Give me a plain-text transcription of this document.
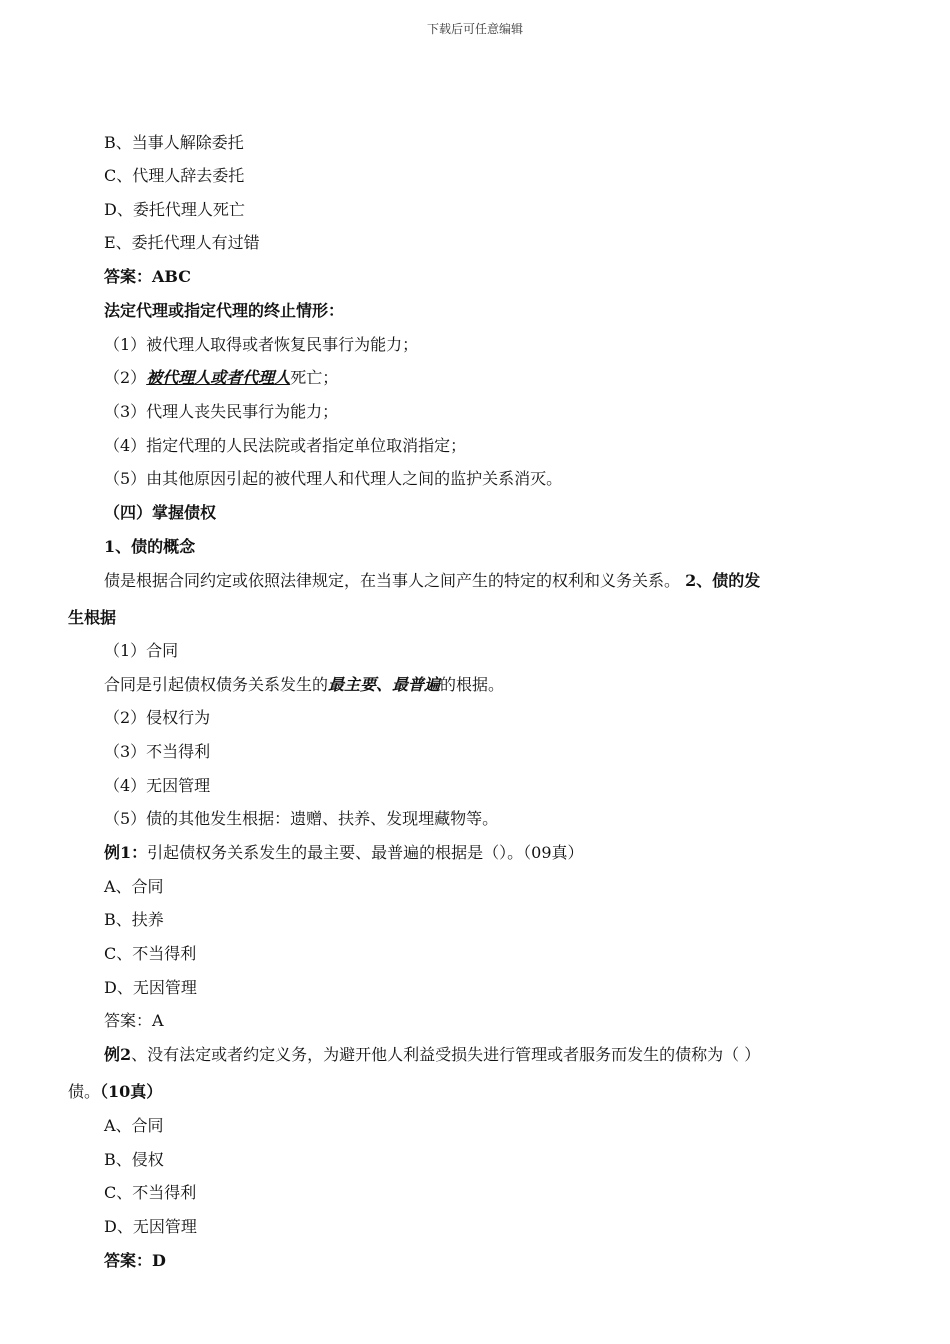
下载后可任意编辑
B、当事人解除委托
C、代理人辞去委托
D、委托代理人死亡
E、委托代理人有过错
答案：ABC
法定代理或指定代理的终止情形：
（1）被代理人取得或者恢复民事行为能力；
（2）被代理人或者代理人死亡；
（3）代理人丧失民事行为能力；
（4）指定代理的人民法院或者指定单位取消指定；
（5）由其他原因引起的被代理人和代理人之间的监护关系消灭。
（四）掌握债权
1、债的概念
债是根据合同约定或依照法律规定，在当事人之间产生的特定的权利和义务关系。 2、债的发
生根据
（1）合同
合同是引起债权债务关系发生的最主要、最普遍的根据。
（2）侵权行为
（3）不当得利
（4）无因管理
（5）债的其他发生根据：遗赠、扶养、发现埋藏物等。
例1：引起债权务关系发生的最主要、最普遍的根据是（）。（09真）
A、合同
B、扶养
C、不当得利
D、无因管理
答案：A
例2、没有法定或者约定义务，为避开他人利益受损失进行管理或者服务而发生的债称为（ ）
债。（10真）
A、合同
B、侵权
C、不当得利
D、无因管理
答案：D
